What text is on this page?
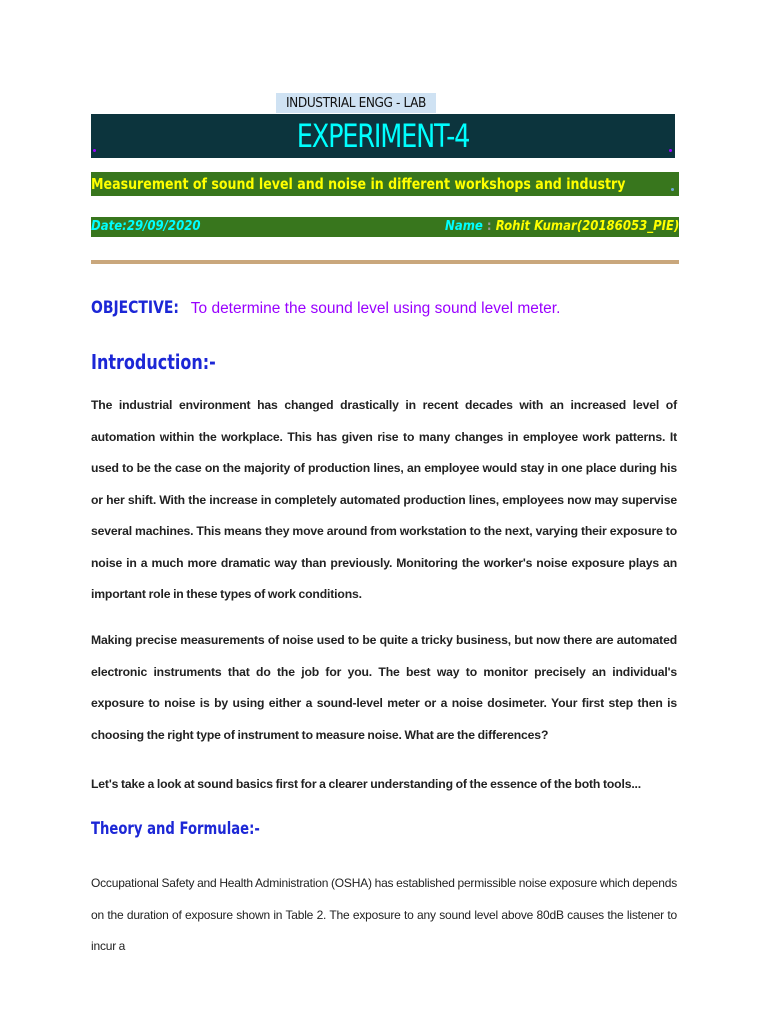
INDUSTRIAL ENGG - LAB
EXPERIMENT-4
Measurement of sound level and noise in different workshops and industry
Date:29/09/2020	Name : Rohit Kumar(20186053_PIE)
OBJECTIVE: To determine the sound level using sound level meter.
Introduction:-
The industrial environment has changed drastically in recent decades with an increased level of automation within the workplace. This has given rise to many changes in employee work patterns. It used to be the case on the majority of production lines, an employee would stay in one place during his or her shift. With the increase in completely automated production lines, employees now may supervise several machines. This means they move around from workstation to the next, varying their exposure to noise in a much more dramatic way than previously. Monitoring the worker's noise exposure plays an important role in these types of work conditions.
Making precise measurements of noise used to be quite a tricky business, but now there are automated electronic instruments that do the job for you. The best way to monitor precisely an individual's exposure to noise is by using either a sound-level meter or a noise dosimeter. Your first step then is choosing the right type of instrument to measure noise. What are the differences?
Let's take a look at sound basics first for a clearer understanding of the essence of the both tools...
Theory and Formulae:-
Occupational Safety and Health Administration (OSHA) has established permissible noise exposure which depends on the duration of exposure shown in Table 2. The exposure to any sound level above 80dB causes the listener to incur a
